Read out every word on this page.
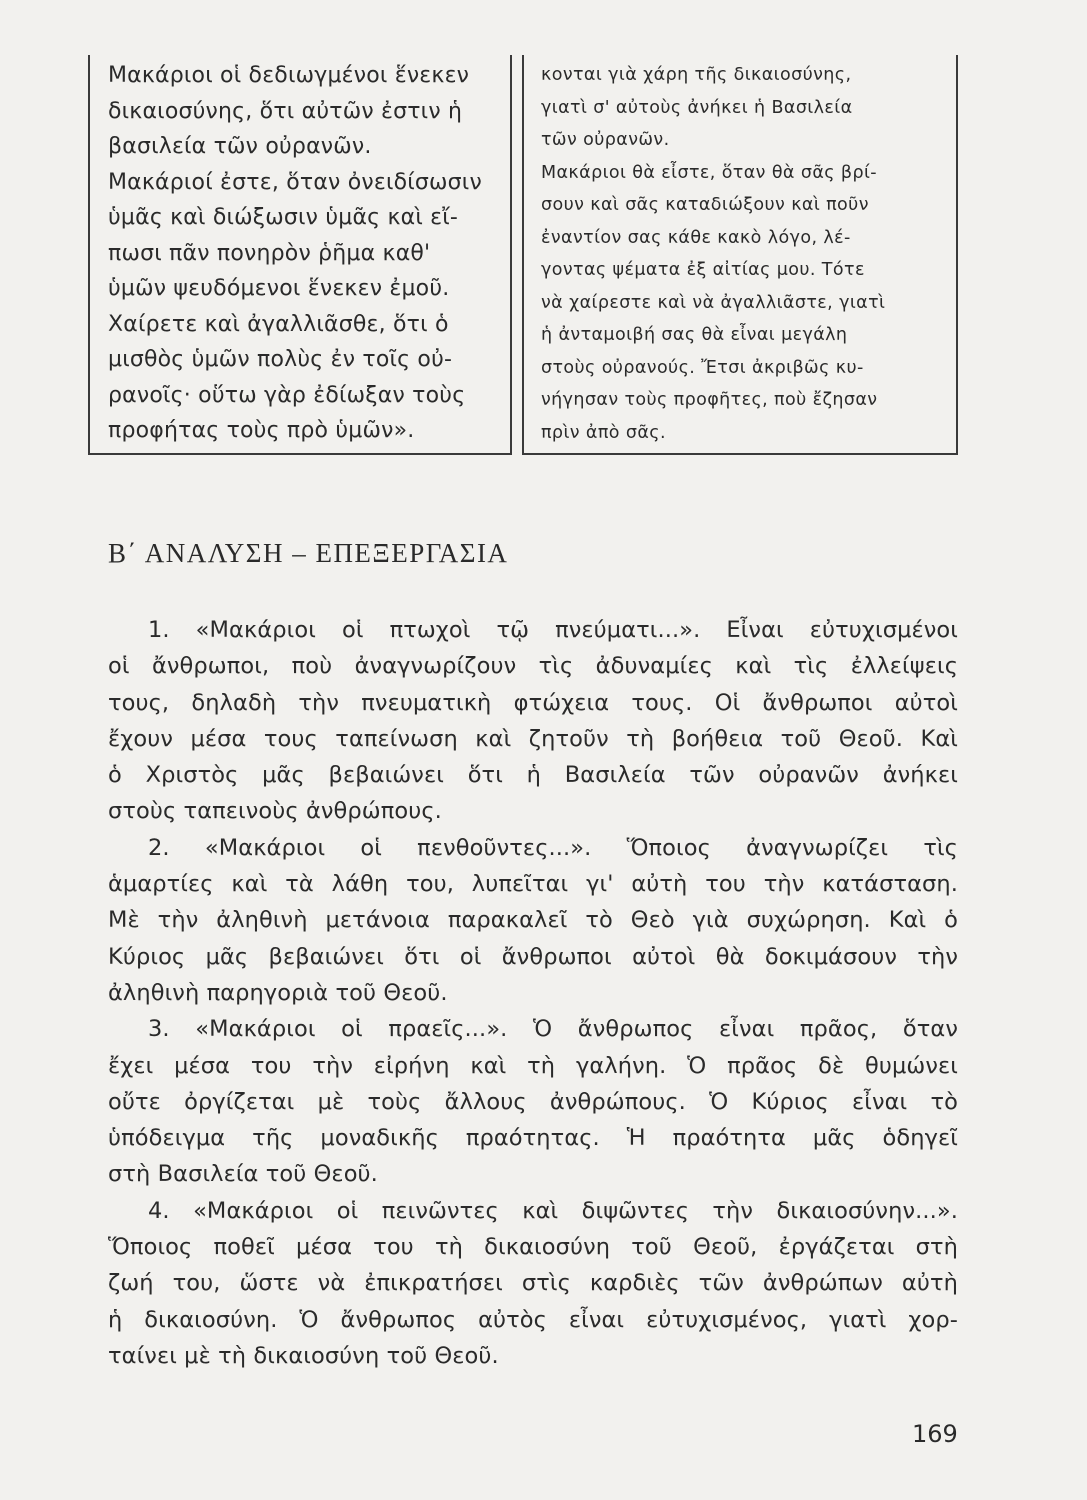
Μακάριοι οἱ δεδιωγμένοι ἕνεκεν
δικαιοσύνης, ὅτι αὐτῶν ἐστιν ἡ
βασιλεία τῶν οὐρανῶν.
Μακάριοί ἐστε, ὅταν ὀνειδίσωσιν
ὑμᾶς καὶ διώξωσιν ὑμᾶς καὶ εἴ-
πωσι πᾶν πονηρὸν ῥῆμα καθ'
ὑμῶν ψευδόμενοι ἕνεκεν ἐμοῦ.
Χαίρετε καὶ ἀγαλλιᾶσθε, ὅτι ὁ
μισθὸς ὑμῶν πολὺς ἐν τοῖς οὐ-
ρανοῖς· οὕτω γὰρ ἐδίωξαν τοὺς
προφήτας τοὺς πρὸ ὑμῶν».
κονται γιὰ χάρη τῆς δικαιοσύνης,
γιατὶ σ' αὐτοὺς ἀνήκει ἡ Βασιλεία
τῶν οὐρανῶν.
Μακάριοι θὰ εἶστε, ὅταν θὰ σᾶς βρί-
σουν καὶ σᾶς καταδιώξουν καὶ ποῦν
ἐναντίον σας κάθε κακὸ λόγο, λέ-
γοντας ψέματα ἐξ αἰτίας μου. Τότε
νὰ χαίρεστε καὶ νὰ ἀγαλλιᾶστε, γιατὶ
ἡ ἀνταμοιβή σας θὰ εἶναι μεγάλη
στοὺς οὐρανούς. Ἔτσι ἀκριβῶς κυ-
νήγησαν τοὺς προφῆτες, ποὺ ἔζησαν
πρὶν ἀπὸ σᾶς.
Β΄ ΑΝΑΛΥΣΗ – ΕΠΕΞΕΡΓΑΣΙΑ
1. «Μακάριοι οἱ πτωχοὶ τῷ πνεύματι...». Εἶναι εὐτυχισμένοι
οἱ ἄνθρωποι, ποὺ ἀναγνωρίζουν τὶς ἀδυναμίες καὶ τὶς ἐλλείψεις
τους, δηλαδὴ τὴν πνευματικὴ φτώχεια τους. Οἱ ἄνθρωποι αὐτοὶ
ἔχουν μέσα τους ταπείνωση καὶ ζητοῦν τὴ βοήθεια τοῦ Θεοῦ. Καὶ
ὁ Χριστὸς μᾶς βεβαιώνει ὅτι ἡ Βασιλεία τῶν οὐρανῶν ἀνήκει
στοὺς ταπεινοὺς ἀνθρώπους.
2. «Μακάριοι οἱ πενθοῦντες...». Ὅποιος ἀναγνωρίζει τὶς
ἁμαρτίες καὶ τὰ λάθη του, λυπεῖται γι' αὐτὴ του τὴν κατάσταση.
Μὲ τὴν ἀληθινὴ μετάνοια παρακαλεῖ τὸ Θεὸ γιὰ συχώρηση. Καὶ ὁ
Κύριος μᾶς βεβαιώνει ὅτι οἱ ἄνθρωποι αὐτοὶ θὰ δοκιμάσουν τὴν
ἀληθινὴ παρηγοριὰ τοῦ Θεοῦ.
3. «Μακάριοι οἱ πραεῖς...». Ὁ ἄνθρωπος εἶναι πρᾶος, ὅταν
ἔχει μέσα του τὴν εἰρήνη καὶ τὴ γαλήνη. Ὁ πρᾶος δὲ θυμώνει
οὔτε ὀργίζεται μὲ τοὺς ἄλλους ἀνθρώπους. Ὁ Κύριος εἶναι τὸ
ὑπόδειγμα τῆς μοναδικῆς πραότητας. Ἡ πραότητα μᾶς ὁδηγεῖ
στὴ Βασιλεία τοῦ Θεοῦ.
4. «Μακάριοι οἱ πεινῶντες καὶ διψῶντες τὴν δικαιοσύνην...».
Ὅποιος ποθεῖ μέσα του τὴ δικαιοσύνη τοῦ Θεοῦ, ἐργάζεται στὴ
ζωή του, ὥστε νὰ ἐπικρατήσει στὶς καρδιὲς τῶν ἀνθρώπων αὐτὴ
ἡ δικαιοσύνη. Ὁ ἄνθρωπος αὐτὸς εἶναι εὐτυχισμένος, γιατὶ χορ-
ταίνει μὲ τὴ δικαιοσύνη τοῦ Θεοῦ.
169
